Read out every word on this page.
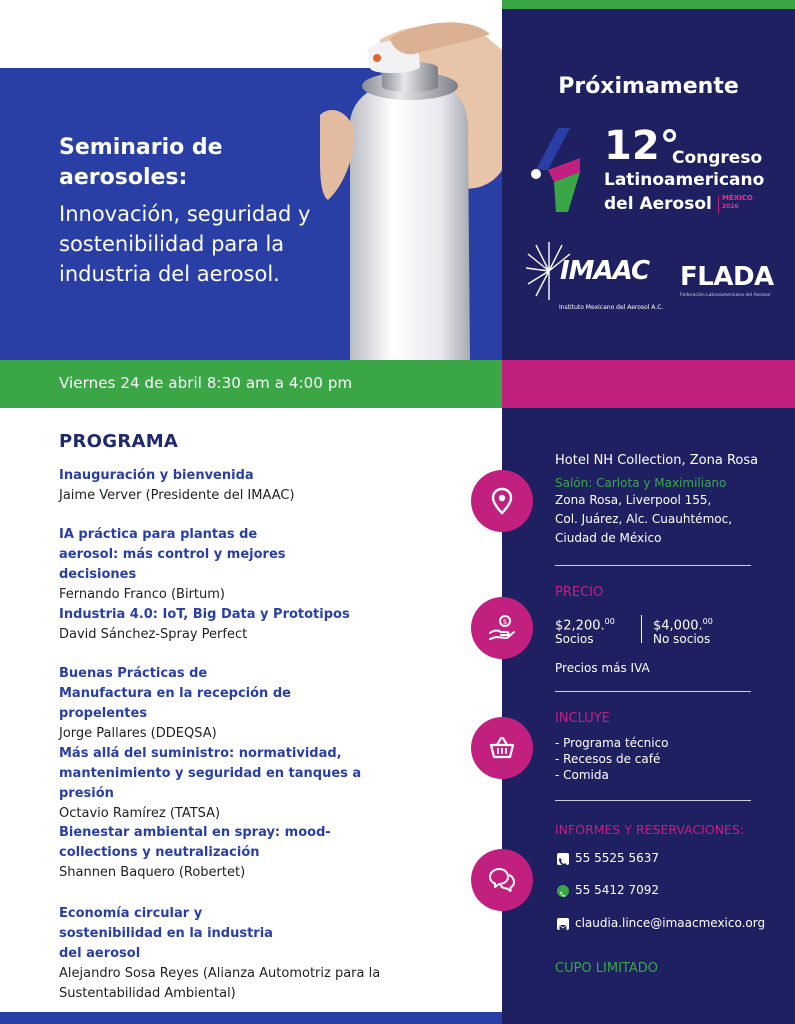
Seminario de aerosoles:
Innovación, seguridad y sostenibilidad para la industria del aerosol.
Viernes 24 de abril 8:30 am a 4:00 pm
Próximamente
12°
Congreso
Latinoamericano
del Aerosol MÉXICO
2026
IMAAC
Instituto Mexicano del Aerosol A.C.
FLADA
Federación Latinoamericana del Aerosol
PROGRAMA
Inauguración y bienvenida
Jaime Verver (Presidente del IMAAC)
IA práctica para plantas de aerosol: más control y mejores decisiones
Fernando Franco (Birtum)
Industria 4.0: IoT, Big Data y Prototipos
David Sánchez-Spray Perfect
Buenas Prácticas de Manufactura en la recepción de propelentes
Jorge Pallares (DDEQSA)
Más allá del suministro: normatividad, mantenimiento y seguridad en tanques a presión
Octavio Ramírez (TATSA)
Bienestar ambiental en spray: mood-collections y neutralización
Shannen Baquero (Robertet)
Economía circular y sostenibilidad en la industria del aerosol
Alejandro Sosa Reyes (Alianza Automotriz para la Sustentabilidad Ambiental)
Hotel NH Collection, Zona Rosa
Salón: Carlota y Maximiliano
Zona Rosa, Liverpool 155,
Col. Juárez, Alc. Cuauhtémoc,
Ciudad de México
PRECIO
$2,200.00
Socios
$4,000.00
No socios
Precios más IVA
$
INCLUYE
- Programa técnico
- Recesos de café
- Comida
INFORMES Y RESERVACIONES:
55 5525 5637
55 5412 7092
claudia.lince@imaacmexico.org
CUPO LIMITADO
